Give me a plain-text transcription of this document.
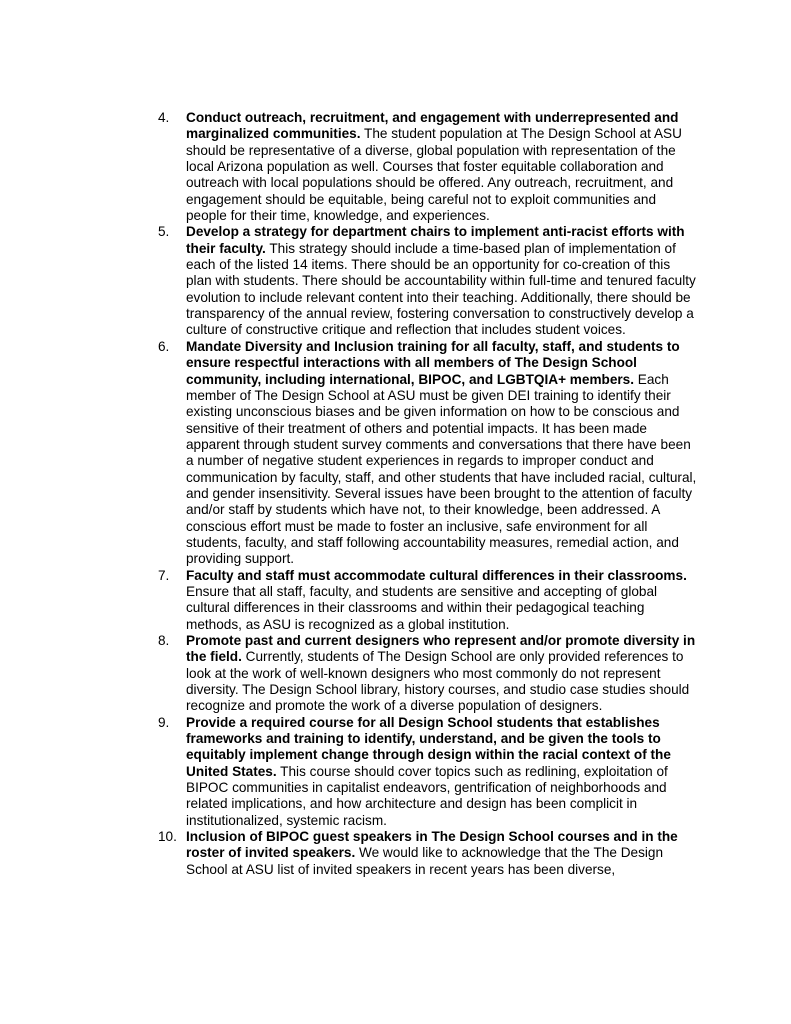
4.	Conduct outreach, recruitment, and engagement with underrepresented and marginalized communities. The student population at The Design School at ASU should be representative of a diverse, global population with representation of the local Arizona population as well. Courses that foster equitable collaboration and outreach with local populations should be offered. Any outreach, recruitment, and engagement should be equitable, being careful not to exploit communities and people for their time, knowledge, and experiences.
5.	Develop a strategy for department chairs to implement anti-racist efforts with their faculty. This strategy should include a time-based plan of implementation of each of the listed 14 items. There should be an opportunity for co-creation of this plan with students. There should be accountability within full-time and tenured faculty evolution to include relevant content into their teaching. Additionally, there should be transparency of the annual review, fostering conversation to constructively develop a culture of constructive critique and reflection that includes student voices.
6.	Mandate Diversity and Inclusion training for all faculty, staff, and students to ensure respectful interactions with all members of The Design School community, including international, BIPOC, and LGBTQIA+ members. Each member of The Design School at ASU must be given DEI training to identify their existing unconscious biases and be given information on how to be conscious and sensitive of their treatment of others and potential impacts. It has been made apparent through student survey comments and conversations that there have been a number of negative student experiences in regards to improper conduct and communication by faculty, staff, and other students that have included racial, cultural, and gender insensitivity. Several issues have been brought to the attention of faculty and/or staff by students which have not, to their knowledge, been addressed. A conscious effort must be made to foster an inclusive, safe environment for all students, faculty, and staff following accountability measures, remedial action, and providing support.
7.	Faculty and staff must accommodate cultural differences in their classrooms. Ensure that all staff, faculty, and students are sensitive and accepting of global cultural differences in their classrooms and within their pedagogical teaching methods, as ASU is recognized as a global institution.
8.	Promote past and current designers who represent and/or promote diversity in the field. Currently, students of The Design School are only provided references to look at the work of well-known designers who most commonly do not represent diversity. The Design School library, history courses, and studio case studies should recognize and promote the work of a diverse population of designers.
9.	Provide a required course for all Design School students that establishes frameworks and training to identify, understand, and be given the tools to equitably implement change through design within the racial context of the United States. This course should cover topics such as redlining, exploitation of BIPOC communities in capitalist endeavors, gentrification of neighborhoods and related implications, and how architecture and design has been complicit in institutionalized, systemic racism.
10. Inclusion of BIPOC guest speakers in The Design School courses and in the roster of invited speakers. We would like to acknowledge that the The Design School at ASU list of invited speakers in recent years has been diverse,
